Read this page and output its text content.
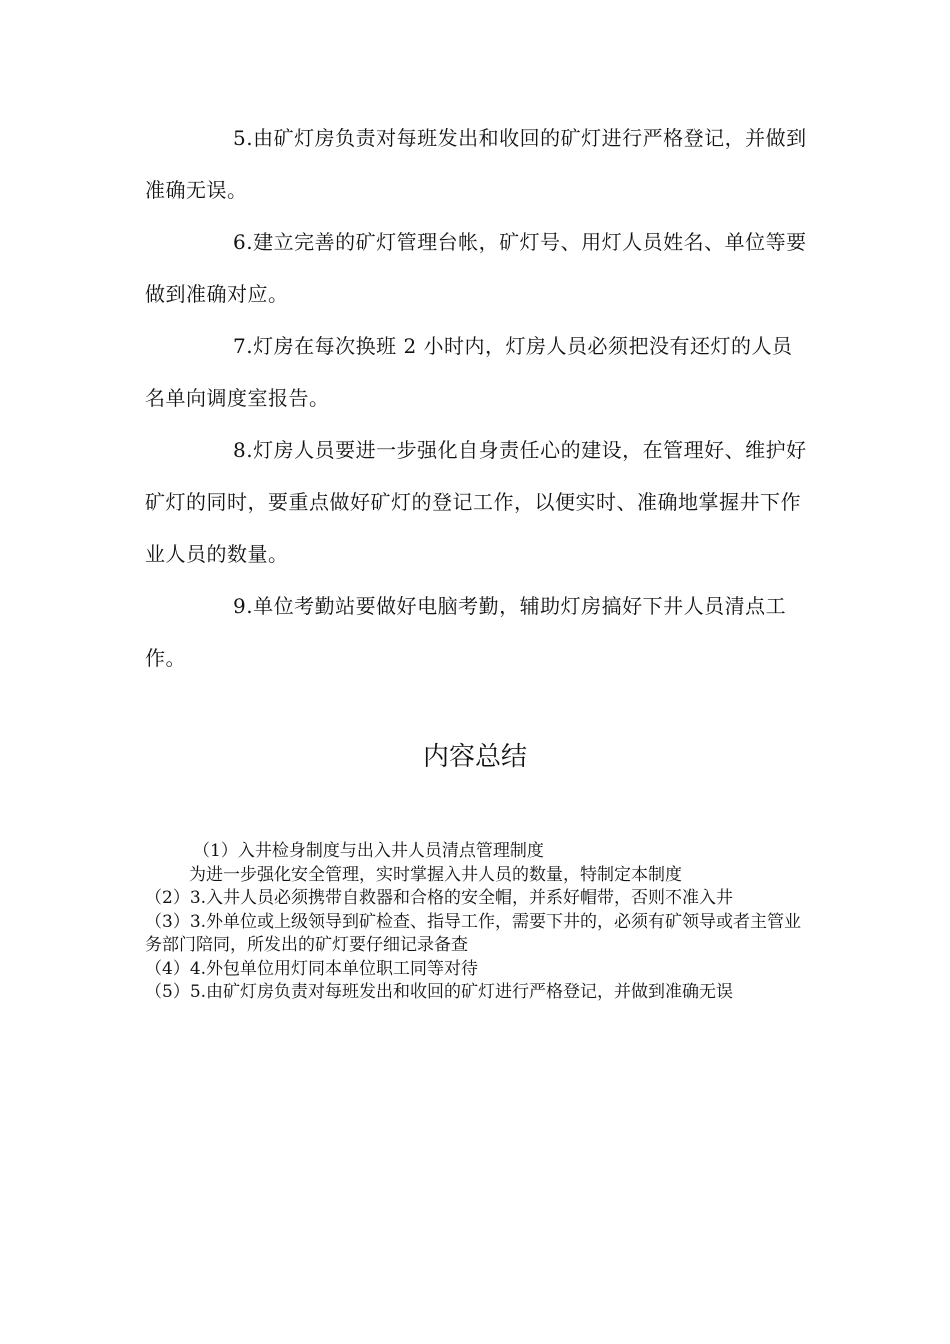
5.由矿灯房负责对每班发出和收回的矿灯进行严格登记，并做到准确无误。

6.建立完善的矿灯管理台帐，矿灯号、用灯人员姓名、单位等要做到准确对应。

7.灯房在每次换班 2 小时内，灯房人员必须把没有还灯的人员名单向调度室报告。

8.灯房人员要进一步强化自身责任心的建设，在管理好、维护好矿灯的同时，要重点做好矿灯的登记工作，以便实时、准确地掌握井下作业人员的数量。

9.单位考勤站要做好电脑考勤，辅助灯房搞好下井人员清点工作。

内容总结

（1）入井检身制度与出入井人员清点管理制度

为进一步强化安全管理，实时掌握入井人员的数量，特制定本制度

（2）3.入井人员必须携带自救器和合格的安全帽，并系好帽带，否则不准入井

（3）3.外单位或上级领导到矿检查、指导工作，需要下井的，必须有矿领导或者主管业务部门陪同，所发出的矿灯要仔细记录备查

（4）4.外包单位用灯同本单位职工同等对待

（5）5.由矿灯房负责对每班发出和收回的矿灯进行严格登记，并做到准确无误
